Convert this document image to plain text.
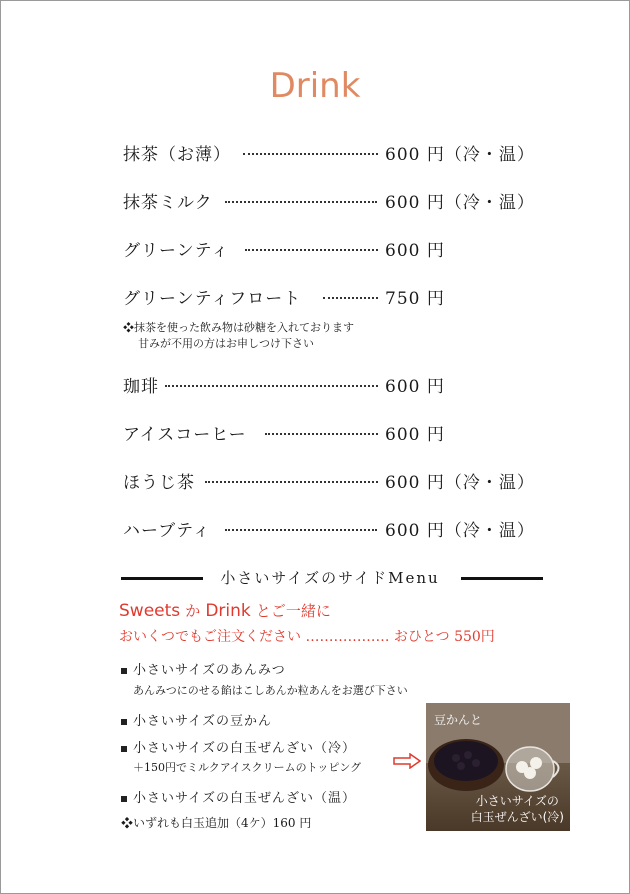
Drink
抹茶（お薄）	600 円（冷・温）
抹茶ミルク	600 円（冷・温）
グリーンティ	600 円
グリーンティフロート	750 円
❖抹茶を使った飲み物は砂糖を入れております
甘みが不用の方はお申しつけ下さい
珈琲	600 円
アイスコーヒー	600 円
ほうじ茶	600 円（冷・温）
ハーブティ	600 円（冷・温）
小さいサイズのサイドMenu
Sweets か Drink とご一緒に
おいくつでもご注文ください ……………… おひとつ 550円
小さいサイズのあんみつ
あんみつにのせる餡はこしあんか粒あんをお選び下さい
小さいサイズの豆かん
小さいサイズの白玉ぜんざい（冷）
＋150円でミルクアイスクリームのトッピング
小さいサイズの白玉ぜんざい（温）
❖いずれも白玉追加（4ケ）160 円
豆かんと
小さいサイズの
白玉ぜんざい(冷)
